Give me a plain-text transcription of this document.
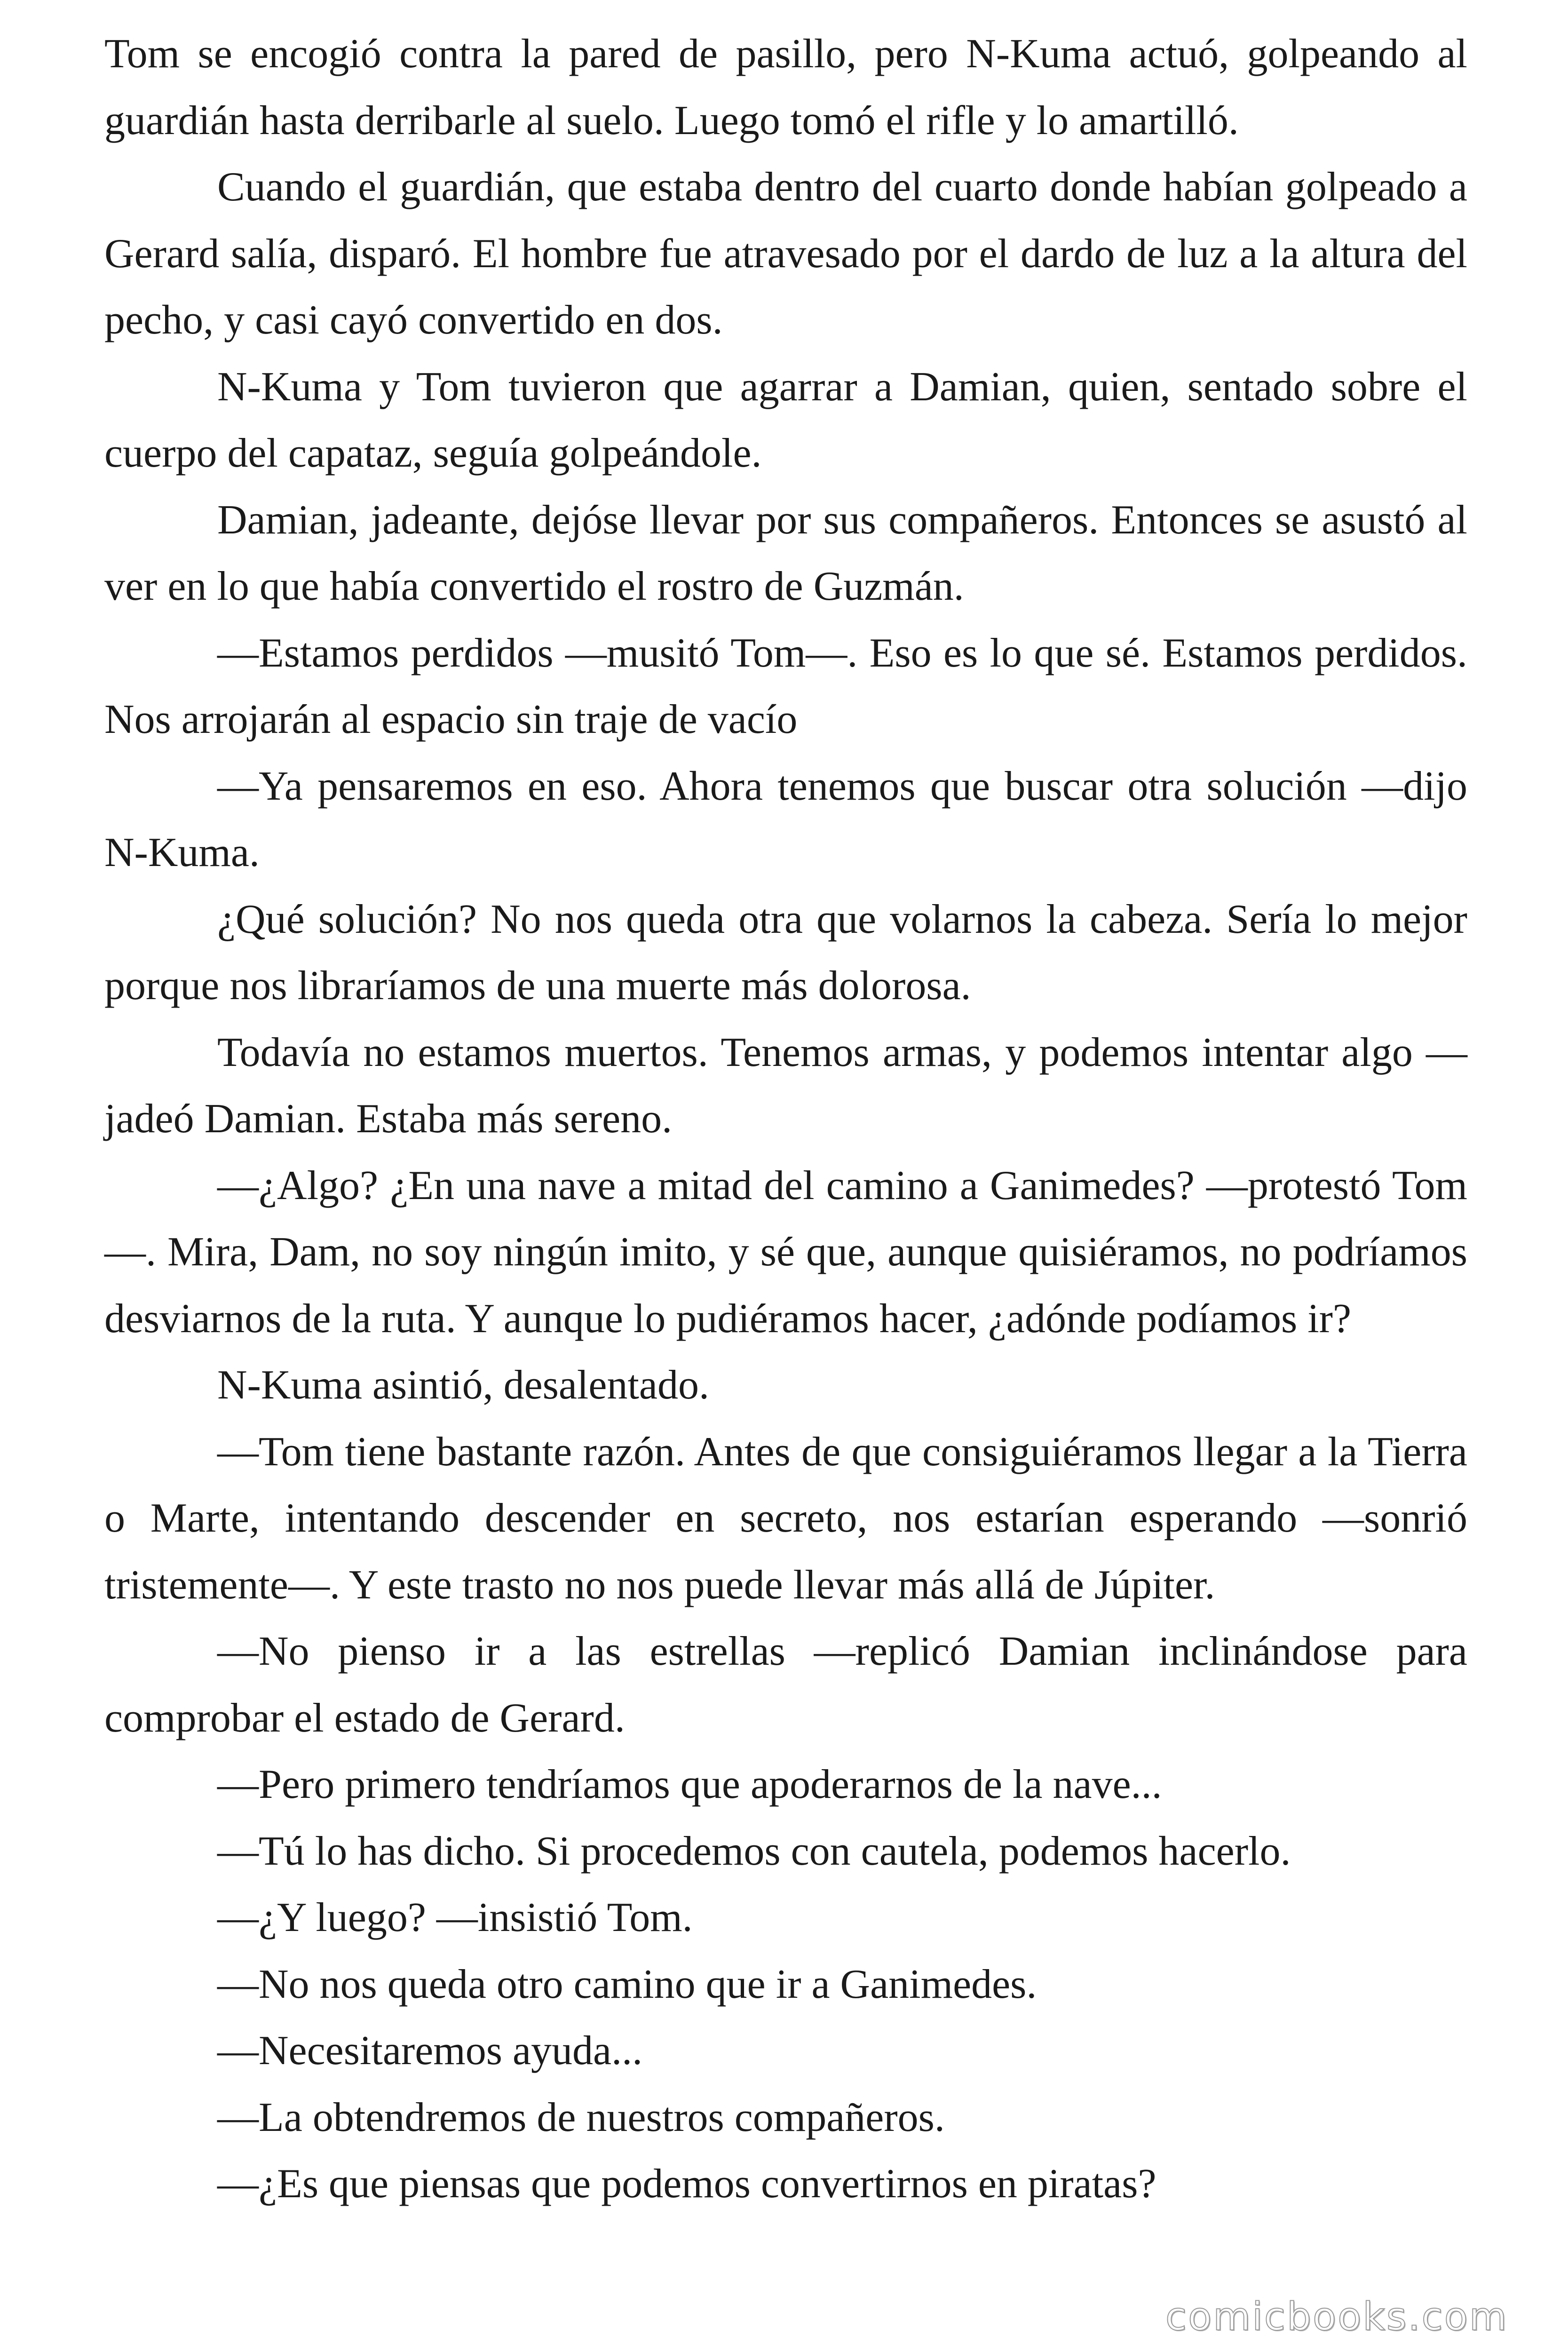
Tom se encogió contra la pared de pasillo, pero N-Kuma actuó, golpeando al guardián hasta derribarle al suelo. Luego tomó el rifle y lo amartilló.

Cuando el guardián, que estaba dentro del cuarto donde habían golpeado a Gerard salía, disparó. El hombre fue atravesado por el dardo de luz a la altura del pecho, y casi cayó convertido en dos.

N-Kuma y Tom tuvieron que agarrar a Damian, quien, sentado sobre el cuerpo del capataz, seguía golpeándole.

Damian, jadeante, dejóse llevar por sus compañeros. Entonces se asustó al ver en lo que había convertido el rostro de Guzmán.

—Estamos perdidos —musitó Tom—. Eso es lo que sé. Estamos perdidos. Nos arrojarán al espacio sin traje de vacío

—Ya pensaremos en eso. Ahora tenemos que buscar otra solución —dijo N-Kuma.

¿Qué solución? No nos queda otra que volarnos la cabeza. Sería lo mejor porque nos libraríamos de una muerte más dolorosa.

Todavía no estamos muertos. Tenemos armas, y podemos intentar algo —jadeó Damian. Estaba más sereno.

—¿Algo? ¿En una nave a mitad del camino a Ganimedes? —protestó Tom—. Mira, Dam, no soy ningún imito, y sé que, aunque quisiéramos, no podríamos desviarnos de la ruta. Y aunque lo pudiéramos hacer, ¿adónde podíamos ir?

N-Kuma asintió, desalentado.

—Tom tiene bastante razón. Antes de que consiguiéramos llegar a la Tierra o Marte, intentando descender en secreto, nos estarían esperando —sonrió tristemente—. Y este trasto no nos puede llevar más allá de Júpiter.

—No pienso ir a las estrellas —replicó Damian inclinándose para comprobar el estado de Gerard.

—Pero primero tendríamos que apoderarnos de la nave...

—Tú lo has dicho. Si procedemos con cautela, podemos hacerlo.

—¿Y luego? —insistió Tom.

—No nos queda otro camino que ir a Ganimedes.

—Necesitaremos ayuda...

—La obtendremos de nuestros compañeros.

—¿Es que piensas que podemos convertirnos en piratas?

comicbooks.com
